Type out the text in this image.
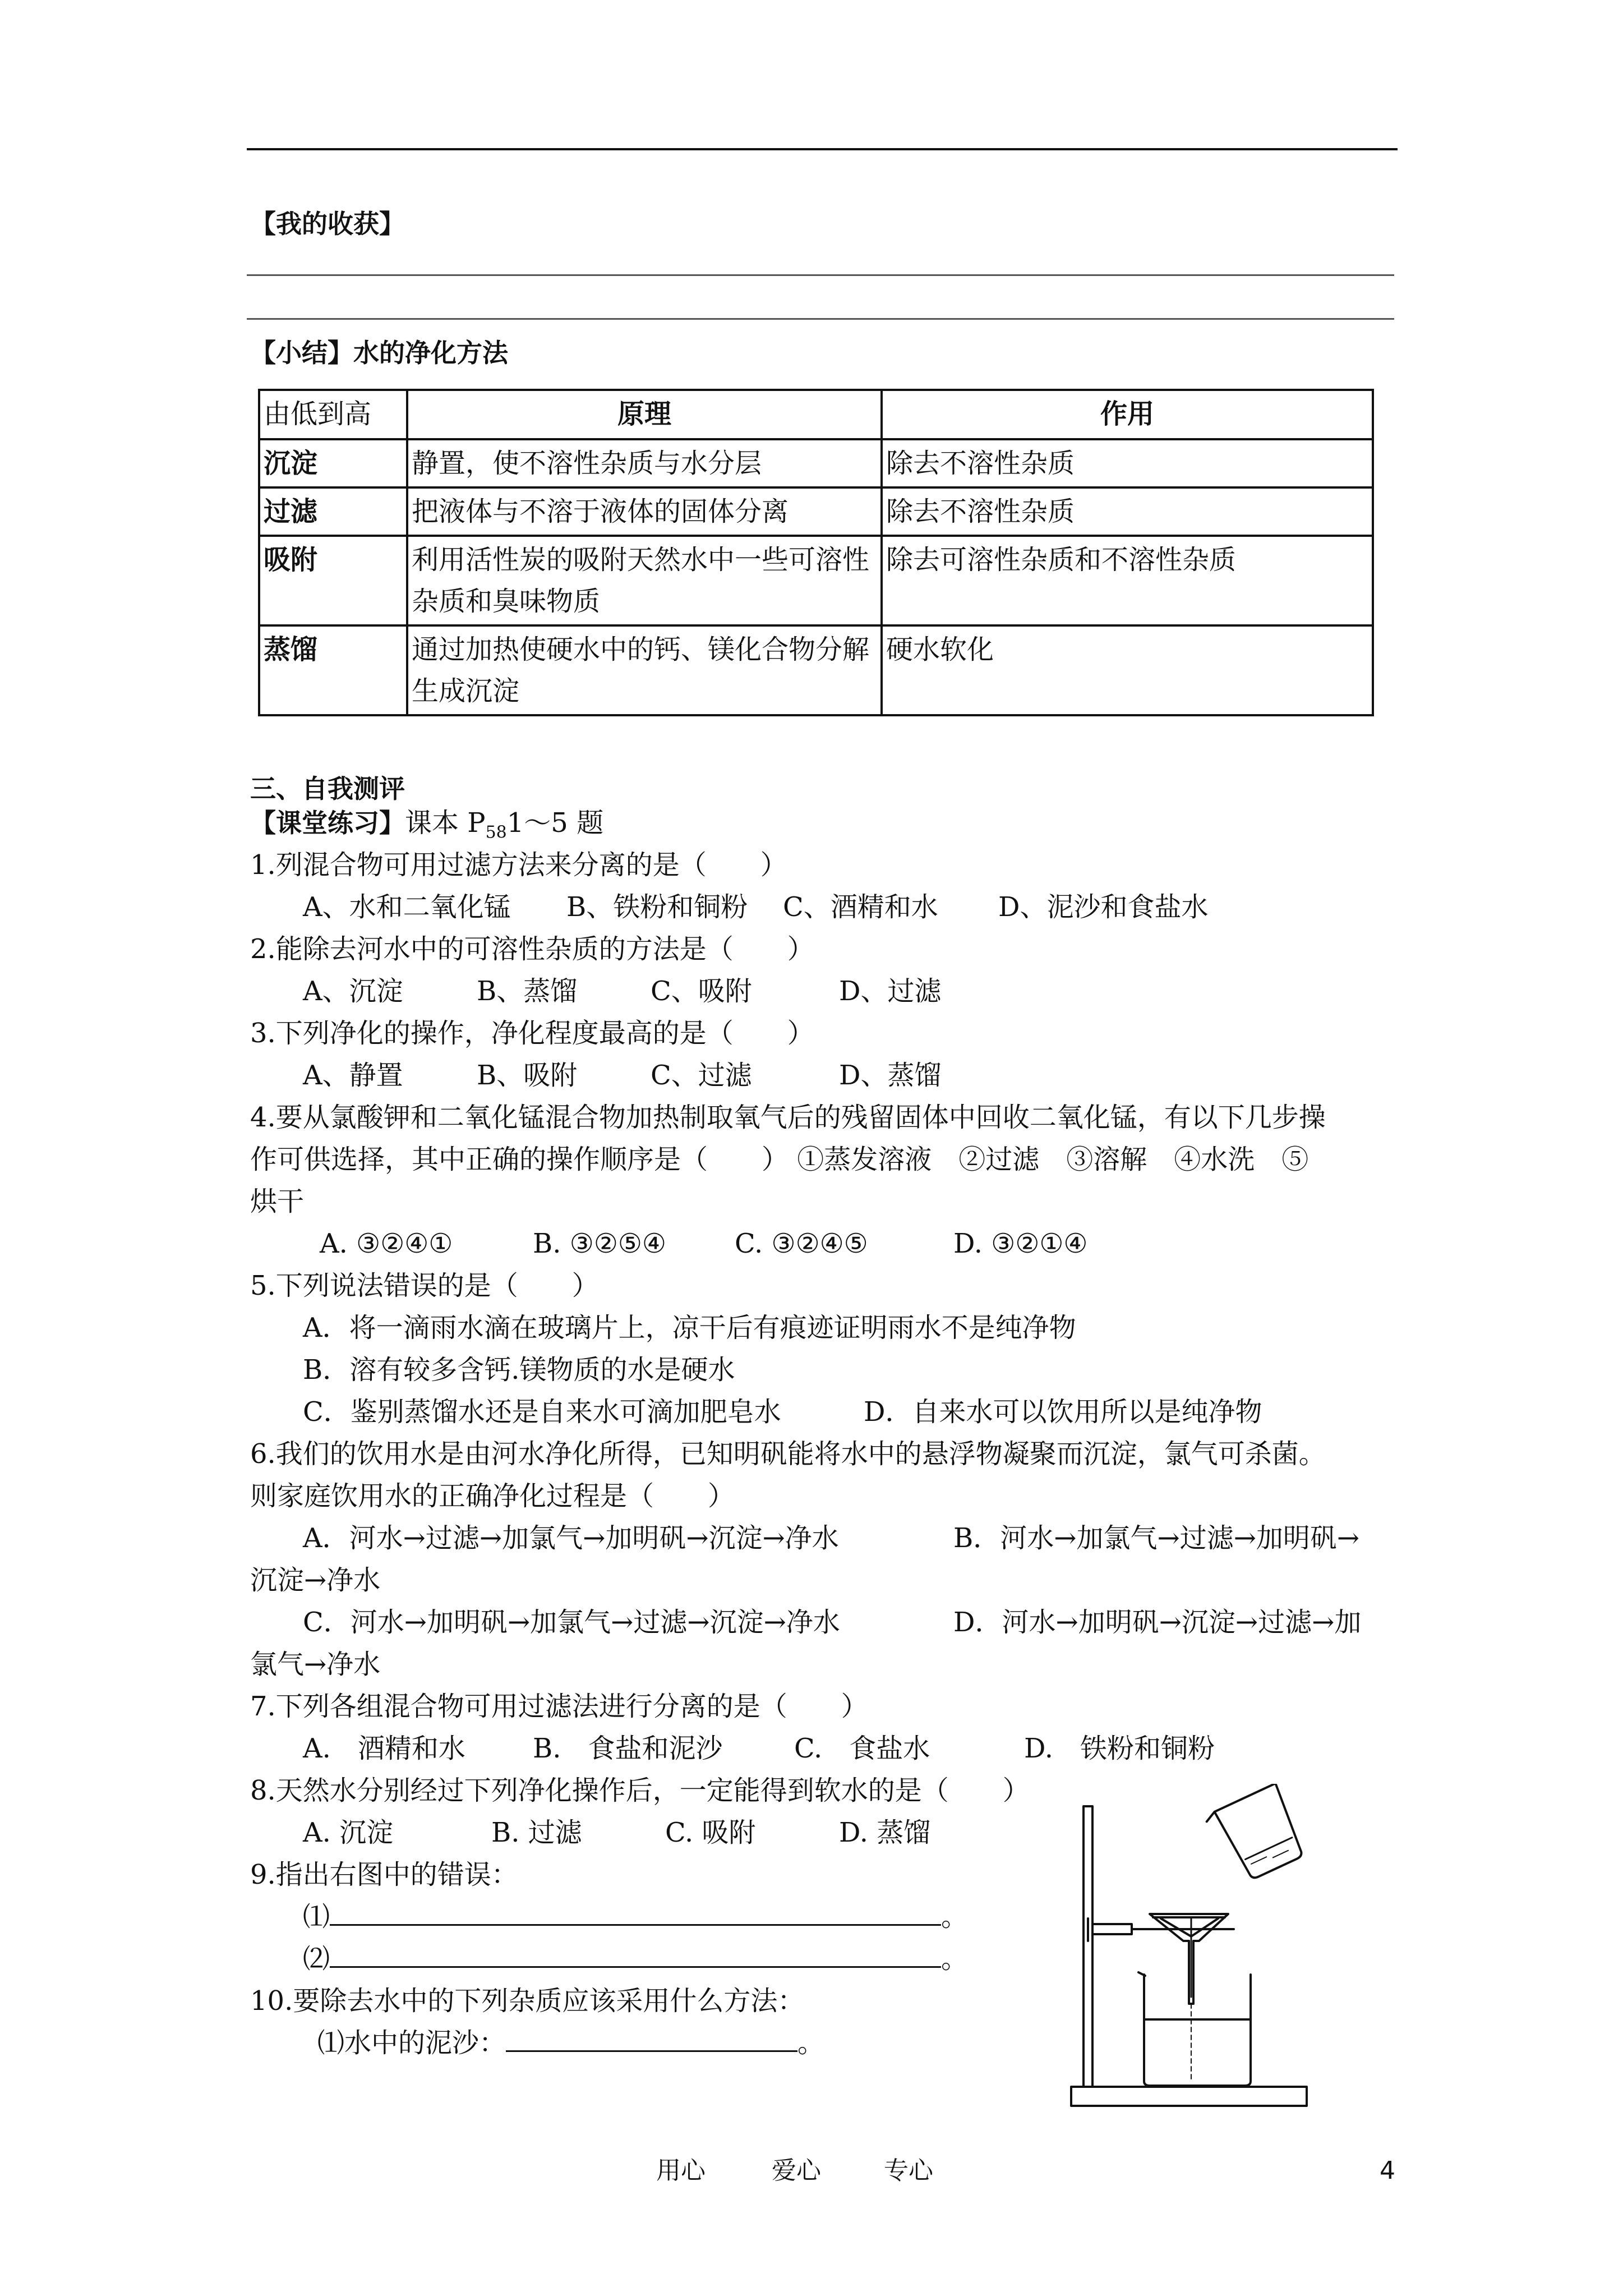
【我的收获】
【小结】水的净化方法
由低到高	原理	作用
沉淀	静置，使不溶性杂质与水分层	除去不溶性杂质
过滤	把液体与不溶于液体的固体分离	除去不溶性杂质
吸附	利用活性炭的吸附天然水中一些可溶性杂质和臭味物质	除去可溶性杂质和不溶性杂质
蒸馏	通过加热使硬水中的钙、镁化合物分解生成沉淀	硬水软化
三、自我测评
【课堂练习】课本 $P_{58}1\sim 5$ 题
1.列混合物可用过滤方法来分离的是（　　）
A、水和二氧化锰 B、铁粉和铜粉 C、酒精和水 D、泥沙和食盐水
2.能除去河水中的可溶性杂质的方法是（　　）
A、沉淀	B、蒸馏	C、吸附	D、过滤
3.下列净化的操作，净化程度最高的是（　　）
A、静置	B、吸附	C、过滤	D、蒸馏
4.要从氯酸钾和二氧化锰混合物加热制取氧气后的残留固体中回收二氧化锰，有以下几步操
作可供选择，其中正确的操作顺序是（　　） ①蒸发溶液　②过滤　③溶解　④水洗　⑤
烘干
A. ③②④①	B. ③②⑤④	C. ③②④⑤	D. ③②①④
5.下列说法错误的是（　　）
A．将一滴雨水滴在玻璃片上，凉干后有痕迹证明雨水不是纯净物
B．溶有较多含钙.镁物质的水是硬水
C．鉴别蒸馏水还是自来水可滴加肥皂水	D．自来水可以饮用所以是纯净物
6.我们的饮用水是由河水净化所得，已知明矾能将水中的悬浮物凝聚而沉淀，氯气可杀菌。
则家庭饮用水的正确净化过程是（　　）
A．河水→过滤→加氯气→加明矾→沉淀→净水	B．河水→加氯气→过滤→加明矾→
沉淀→净水
C．河水→加明矾→加氯气→过滤→沉淀→净水	D．河水→加明矾→沉淀→过滤→加
氯气→净水
7.下列各组混合物可用过滤法进行分离的是（　　）
A.　酒精和水	B.　食盐和泥沙	C.　食盐水	D.　铁粉和铜粉
8.天然水分别经过下列净化操作后，一定能得到软水的是（　　）
A. 沉淀	B. 过滤	C. 吸附	D. 蒸馏
9.指出右图中的错误：
⑴	。
⑵	。
10.要除去水中的下列杂质应该采用什么方法：
⑴水中的泥沙：	。
用心	爱心	专心	4
